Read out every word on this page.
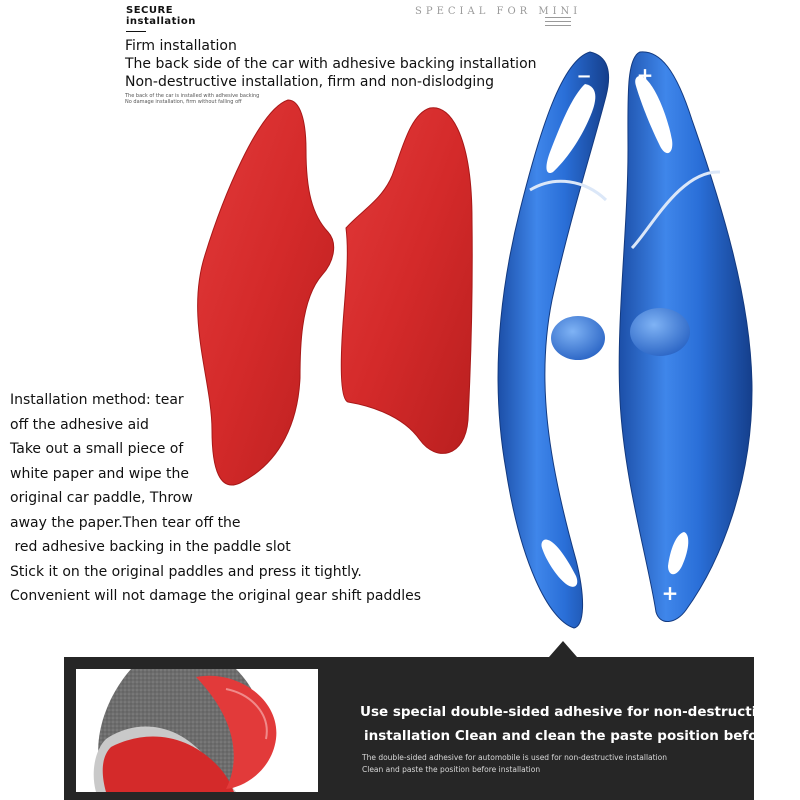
SECURE
installation
SPECIAL FOR MINI

Firm installation

The back side of the car with adhesive backing installation

Non-destructive installation, firm and non-dislodging

The back of the car is installed with adhesive backing

No damage installation, firm without falling off

−
−
+
+

Installation method: tear

off the adhesive aid

Take out a small piece of

white paper and wipe the

original car paddle, Throw

away the paper.Then tear off the

red adhesive backing in the paddle slot

Stick it on the original paddles and press it tightly.

Convenient will not damage the original gear shift paddles

Use special double-sided adhesive for non-destructive

installation Clean and clean the paste position before

The double-sided adhesive for automobile is used for non-destructive installation

Clean and paste the position before installation
